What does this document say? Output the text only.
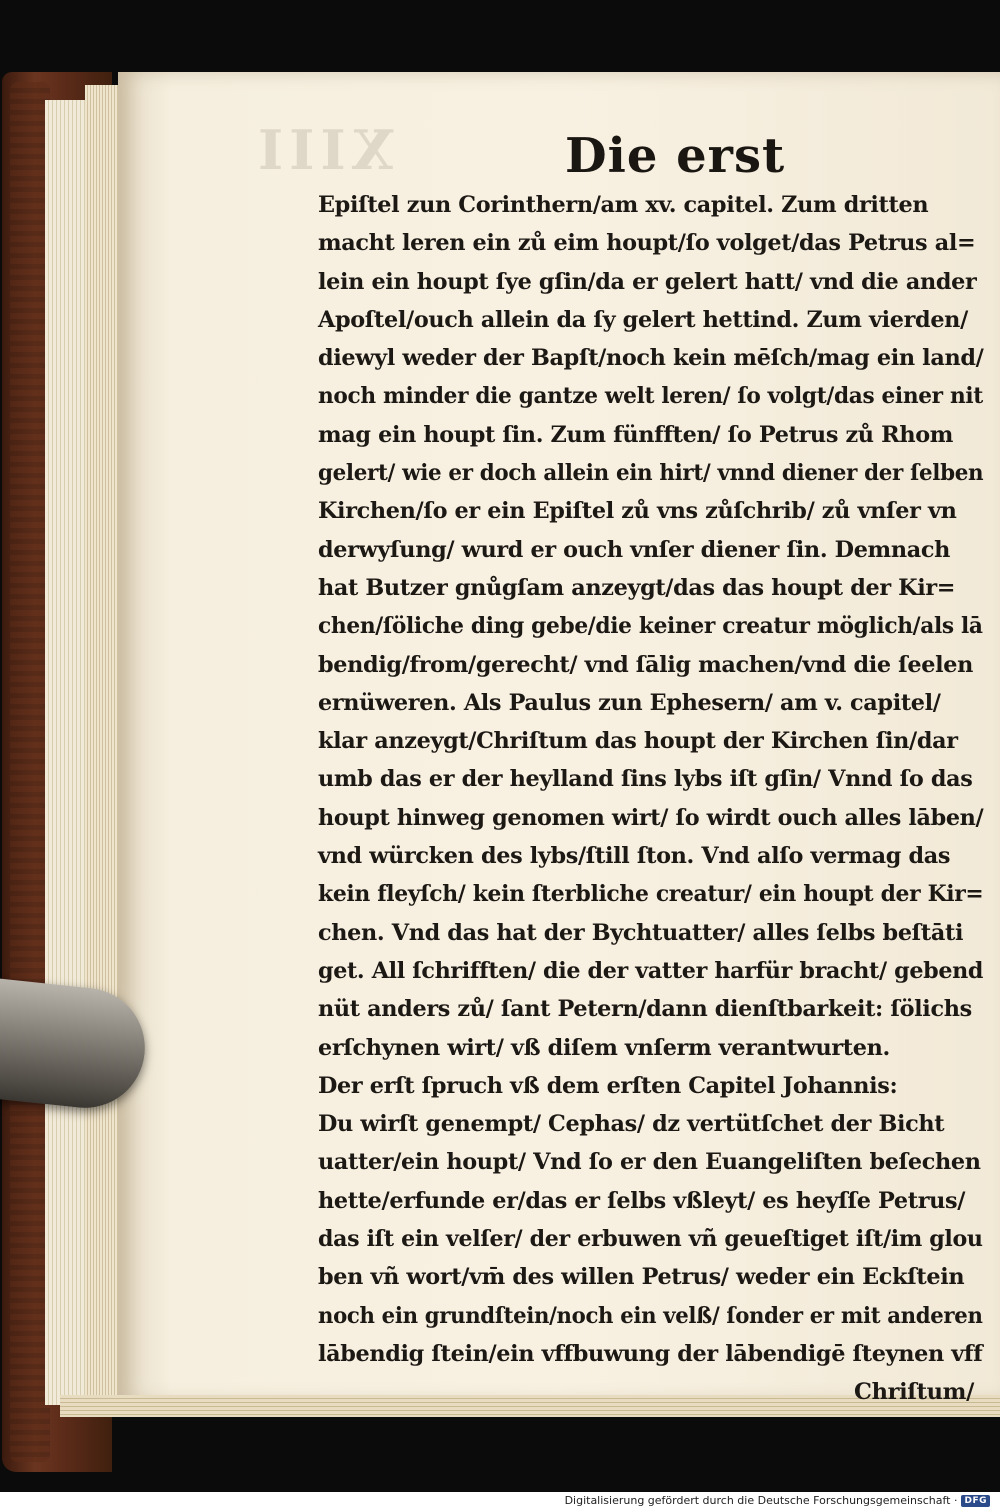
XIII	Die erst
Epiſtel zun Corinthern/am xv. capitel. Zum dritten
macht leren ein zů eim houpt/ſo volget/das Petrus al=
lein ein houpt ſye gſin/da er gelert hatt/ vnd die ander
Apoſtel/ouch allein da ſy gelert hettind. Zum vierden/
diewyl weder der Bapſt/noch kein mēſch/mag ein land/
noch minder die gantze welt leren/ ſo volgt/das einer nit
mag ein houpt ſin. Zum fünfften/ ſo Petrus zů Rhom
gelert/ wie er doch allein ein hirt/ vnnd diener der ſelben
Kirchen/ſo er ein Epiſtel zů vns zůſchrib/ zů vnſer vn
derwyſung/ wurd er ouch vnſer diener ſin. Demnach
hat Butzer gnůgſam anzeygt/das das houpt der Kir=
chen/ſöliche ding gebe/die keiner creatur möglich/als lā
bendig/from/gerecht/ vnd ſālig machen/vnd die ſeelen
ernüweren. Als Paulus zun Ephesern/ am v. capitel/
klar anzeygt/Chriſtum das houpt der Kirchen ſin/dar
umb das er der heylland ſins lybs iſt gſin/ Vnnd ſo das
houpt hinweg genomen wirt/ ſo wirdt ouch alles lāben/
vnd würcken des lybs/ſtill ſton. Vnd alſo vermag das
kein fleyſch/ kein ſterbliche creatur/ ein houpt der Kir=
chen. Vnd das hat der Bychtuatter/ alles ſelbs beſtāti
get. All ſchrifften/ die der vatter harfür bracht/ gebend
nüt anders zů/ ſant Petern/dann dienſtbarkeit: ſölichs
erſchynen wirt/ vß diſem vnſerm verantwurten.
Der erſt ſpruch vß dem erſten Capitel Johannis:
Du wirſt genempt/ Cephas/ dz vertütſchet der Bicht
uatter/ein houpt/ Vnd ſo er den Euangeliſten beſechen
hette/erfunde er/das er ſelbs vßleyt/ es heyſſe Petrus/
das iſt ein velſer/ der erbuwen vñ geueſtiget iſt/im glou
ben vñ wort/vm̄ des willen Petrus/ weder ein Eckſtein
noch ein grundſtein/noch ein velß/ ſonder er mit anderen
lābendig ſtein/ein vffbuwung der lābendigē ſteynen vff
Chriſtum/
Digitalisierung gefördert durch die Deutsche Forschungsgemeinschaft · DFG
